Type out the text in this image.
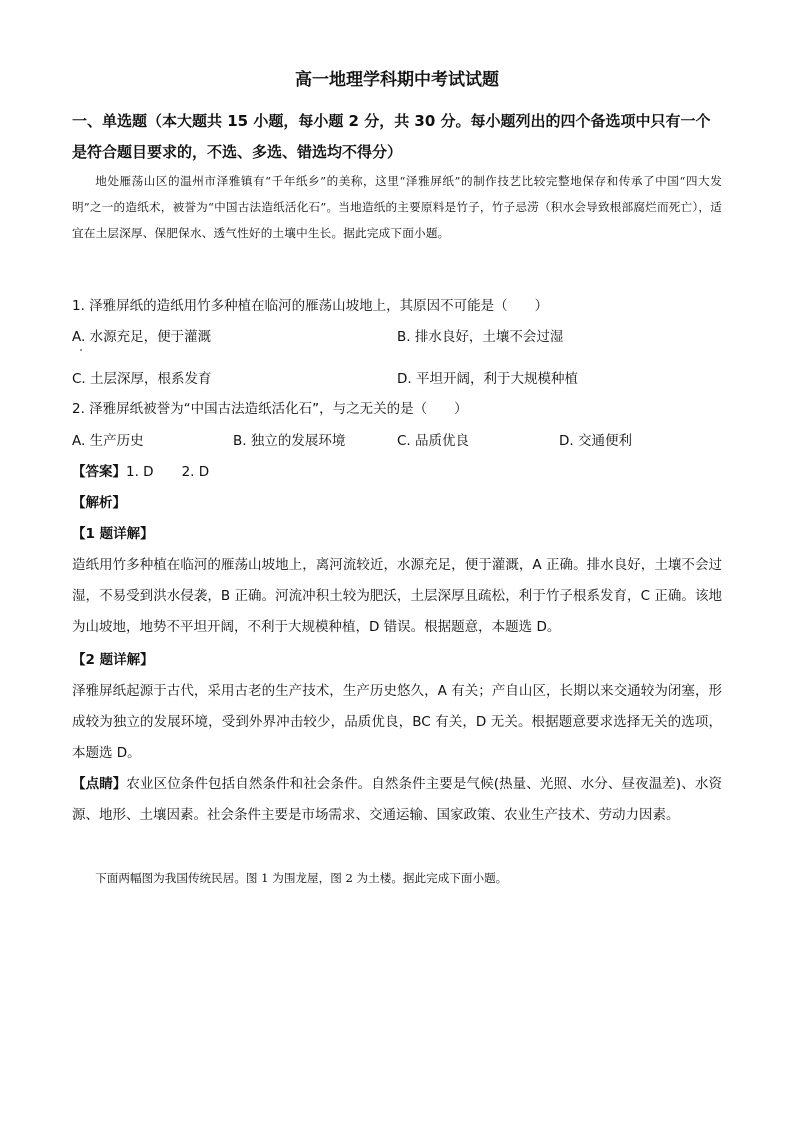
高一地理学科期中考试试题
一、单选题（本大题共 15 小题，每小题 2 分，共 30 分。每小题列出的四个备选项中只有一个是符合题目要求的，不选、多选、错选均不得分）
地处雁荡山区的温州市泽雅镇有“千年纸乡”的美称，这里“泽雅屏纸”的制作技艺比较完整地保存和传承了中国“四大发明”之一的造纸术，被誉为“中国古法造纸活化石”。当地造纸的主要原料是竹子，竹子忌涝（积水会导致根部腐烂而死亡），适宜在土层深厚、保肥保水、透气性好的土壤中生长。据此完成下面小题。
1. 泽雅屏纸的造纸用竹多种植在临河的雁荡山坡地上，其原因不可能是（　　）
A. 水源充足，便于灌溉	B. 排水良好，土壤不会过湿
C. 土层深厚，根系发育	D. 平坦开阔，利于大规模种植
2. 泽雅屏纸被誉为“中国古法造纸活化石”，与之无关的是（　　）
A. 生产历史	B. 独立的发展环境	C. 品质优良	D. 交通便利
【答案】1. D 2. D
【解析】
【1 题详解】
造纸用竹多种植在临河的雁荡山坡地上，离河流较近，水源充足，便于灌溉，A 正确。排水良好，土壤不会过湿，不易受到洪水侵袭，B 正确。河流冲积土较为肥沃，土层深厚且疏松，利于竹子根系发育，C 正确。该地为山坡地，地势不平坦开阔，不利于大规模种植，D 错误。根据题意，本题选 D。
【2 题详解】
泽雅屏纸起源于古代，采用古老的生产技术，生产历史悠久，A 有关；产自山区，长期以来交通较为闭塞，形成较为独立的发展环境，受到外界冲击较少，品质优良，BC 有关，D 无关。根据题意要求选择无关的选项，本题选 D。
【点睛】农业区位条件包括自然条件和社会条件。自然条件主要是气候(热量、光照、水分、昼夜温差)、水资源、地形、土壤因素。社会条件主要是市场需求、交通运输、国家政策、农业生产技术、劳动力因素。
下面两幅图为我国传统民居。图 1 为围龙屋，图 2 为土楼。据此完成下面小题。
